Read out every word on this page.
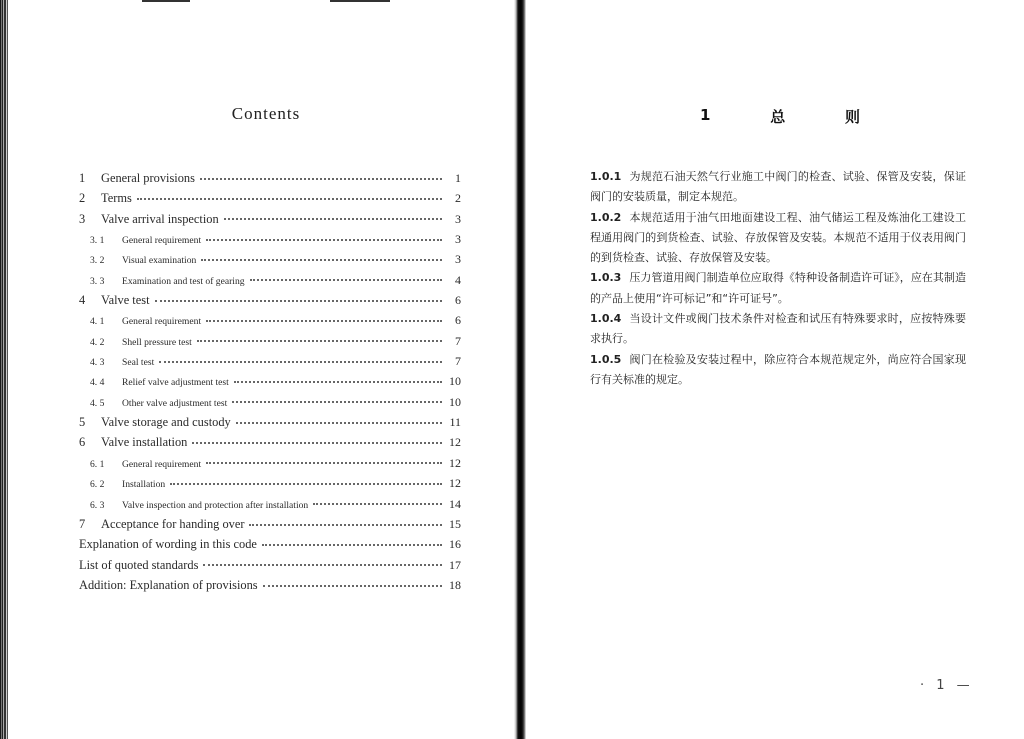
Contents
1	General provisions	1
2	Terms	2
3	Valve arrival inspection	3
3. 1	General requirement	3
3. 2	Visual examination	3
3. 3	Examination and test of gearing	4
4	Valve test	6
4. 1	General requirement	6
4. 2	Shell pressure test	7
4. 3	Seal test	7
4. 4	Relief valve adjustment test	10
4. 5	Other valve adjustment test	10
5	Valve storage and custody	11
6	Valve installation	12
6. 1	General requirement	12
6. 2	Installation	12
6. 3	Valve inspection and protection after installation	14
7	Acceptance for handing over	15
Explanation of wording in this code	16
List of quoted standards	17
Addition: Explanation of provisions	18
1	总	则

1.0.1 为规范石油天然气行业施工中阀门的检查、试验、保管及安装，保证阀门的安装质量，制定本规范。

1.0.2 本规范适用于油气田地面建设工程、油气储运工程及炼油化工建设工程通用阀门的到货检查、试验、存放保管及安装。本规范不适用于仪表用阀门的到货检查、试验、存放保管及安装。

1.0.3 压力管道用阀门制造单位应取得《特种设备制造许可证》，应在其制造的产品上使用“许可标记”和“许可证号”。

1.0.4 当设计文件或阀门技术条件对检查和试压有特殊要求时，应按特殊要求执行。

1.0.5 阀门在检验及安装过程中，除应符合本规范规定外，尚应符合国家现行有关标准的规定。

· 1 —
